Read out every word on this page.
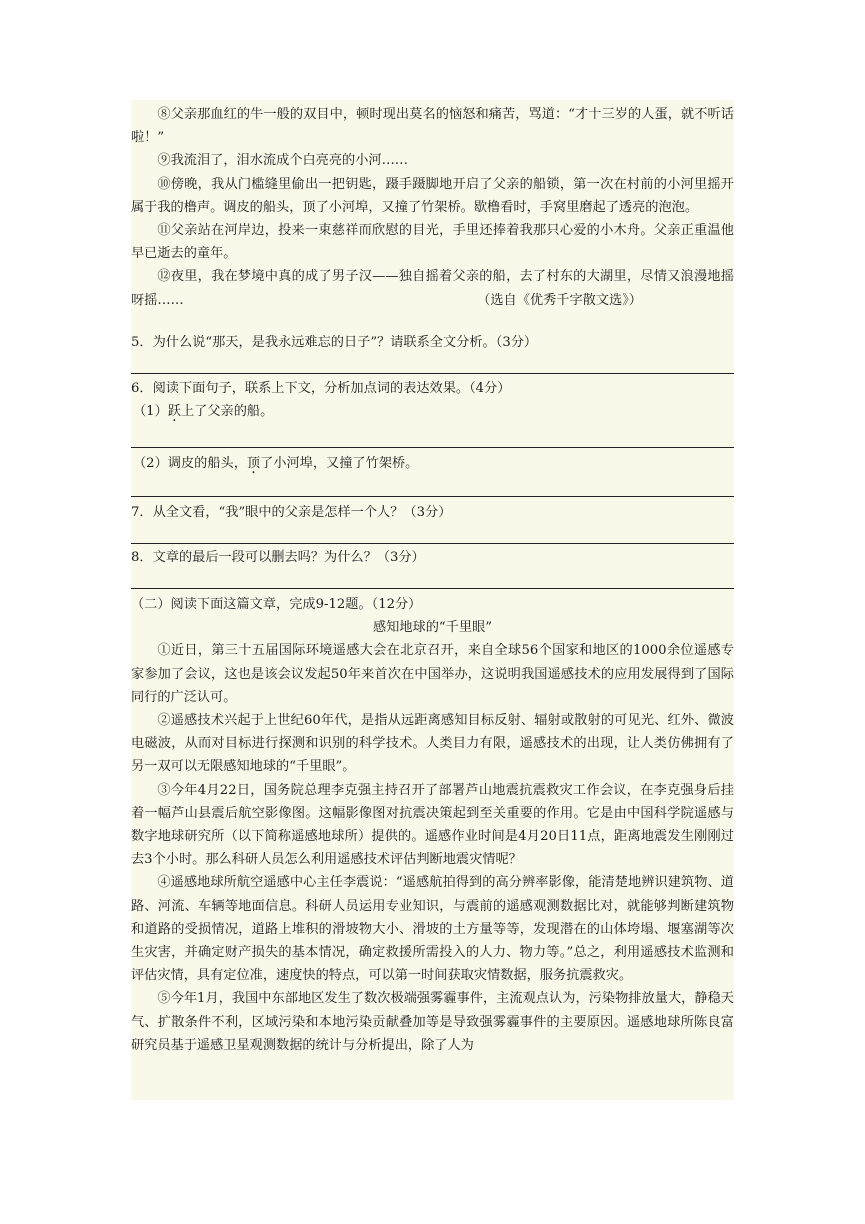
⑧父亲那血红的牛一般的双目中，顿时现出莫名的恼怒和痛苦，骂道：“才十三岁的人蛋，就不听话啦！”

⑨我流泪了，泪水流成个白亮亮的小河……

⑩傍晚，我从门槛缝里偷出一把钥匙，蹑手蹑脚地开启了父亲的船锁，第一次在村前的小河里摇开属于我的橹声。调皮的船头，顶了小河埠，又撞了竹架桥。歇橹看时，手窝里磨起了透亮的泡泡。

⑪父亲站在河岸边，投来一束慈祥而欣慰的目光，手里还捧着我那只心爱的小木舟。父亲正重温他早已逝去的童年。

⑫夜里，我在梦境中真的成了男子汉——独自摇着父亲的船，去了村东的大湖里，尽情又浪漫地摇呀摇……	（选自《优秀千字散文选》）

5．为什么说“那天，是我永远难忘的日子”？请联系全文分析。（3分）

6．阅读下面句子，联系上下文，分析加点词的表达效果。（4分）

（1）跃上了父亲的船。

（2）调皮的船头，顶了小河埠，又撞了竹架桥。

7．从全文看，“我”眼中的父亲是怎样一个人？（3分）

8．文章的最后一段可以删去吗？为什么？（3分）

（二）阅读下面这篇文章，完成9-12题。（12分）

感知地球的“千里眼”

①近日，第三十五届国际环境遥感大会在北京召开，来自全球56个国家和地区的1000余位遥感专家参加了会议，这也是该会议发起50年来首次在中国举办，这说明我国遥感技术的应用发展得到了国际同行的广泛认可。

②遥感技术兴起于上世纪60年代，是指从远距离感知目标反射、辐射或散射的可见光、红外、微波电磁波，从而对目标进行探测和识别的科学技术。人类目力有限，遥感技术的出现，让人类仿佛拥有了另一双可以无限感知地球的“千里眼”。

③今年4月22日，国务院总理李克强主持召开了部署芦山地震抗震救灾工作会议，在李克强身后挂着一幅芦山县震后航空影像图。这幅影像图对抗震决策起到至关重要的作用。它是由中国科学院遥感与数字地球研究所（以下简称遥感地球所）提供的。遥感作业时间是4月20日11点，距离地震发生刚刚过去3个小时。那么科研人员怎么利用遥感技术评估判断地震灾情呢？

④遥感地球所航空遥感中心主任李震说：“遥感航拍得到的高分辨率影像，能清楚地辨识建筑物、道路、河流、车辆等地面信息。科研人员运用专业知识，与震前的遥感观测数据比对，就能够判断建筑物和道路的受损情况，道路上堆积的滑坡物大小、滑坡的土方量等等，发现潜在的山体垮塌、堰塞湖等次生灾害，并确定财产损失的基本情况，确定救援所需投入的人力、物力等。”总之，利用遥感技术监测和评估灾情，具有定位准，速度快的特点，可以第一时间获取灾情数据，服务抗震救灾。

⑤今年1月，我国中东部地区发生了数次极端强雾霾事件，主流观点认为，污染物排放量大，静稳天气、扩散条件不利，区域污染和本地污染贡献叠加等是导致强雾霾事件的主要原因。遥感地球所陈良富研究员基于遥感卫星观测数据的统计与分析提出，除了人为
